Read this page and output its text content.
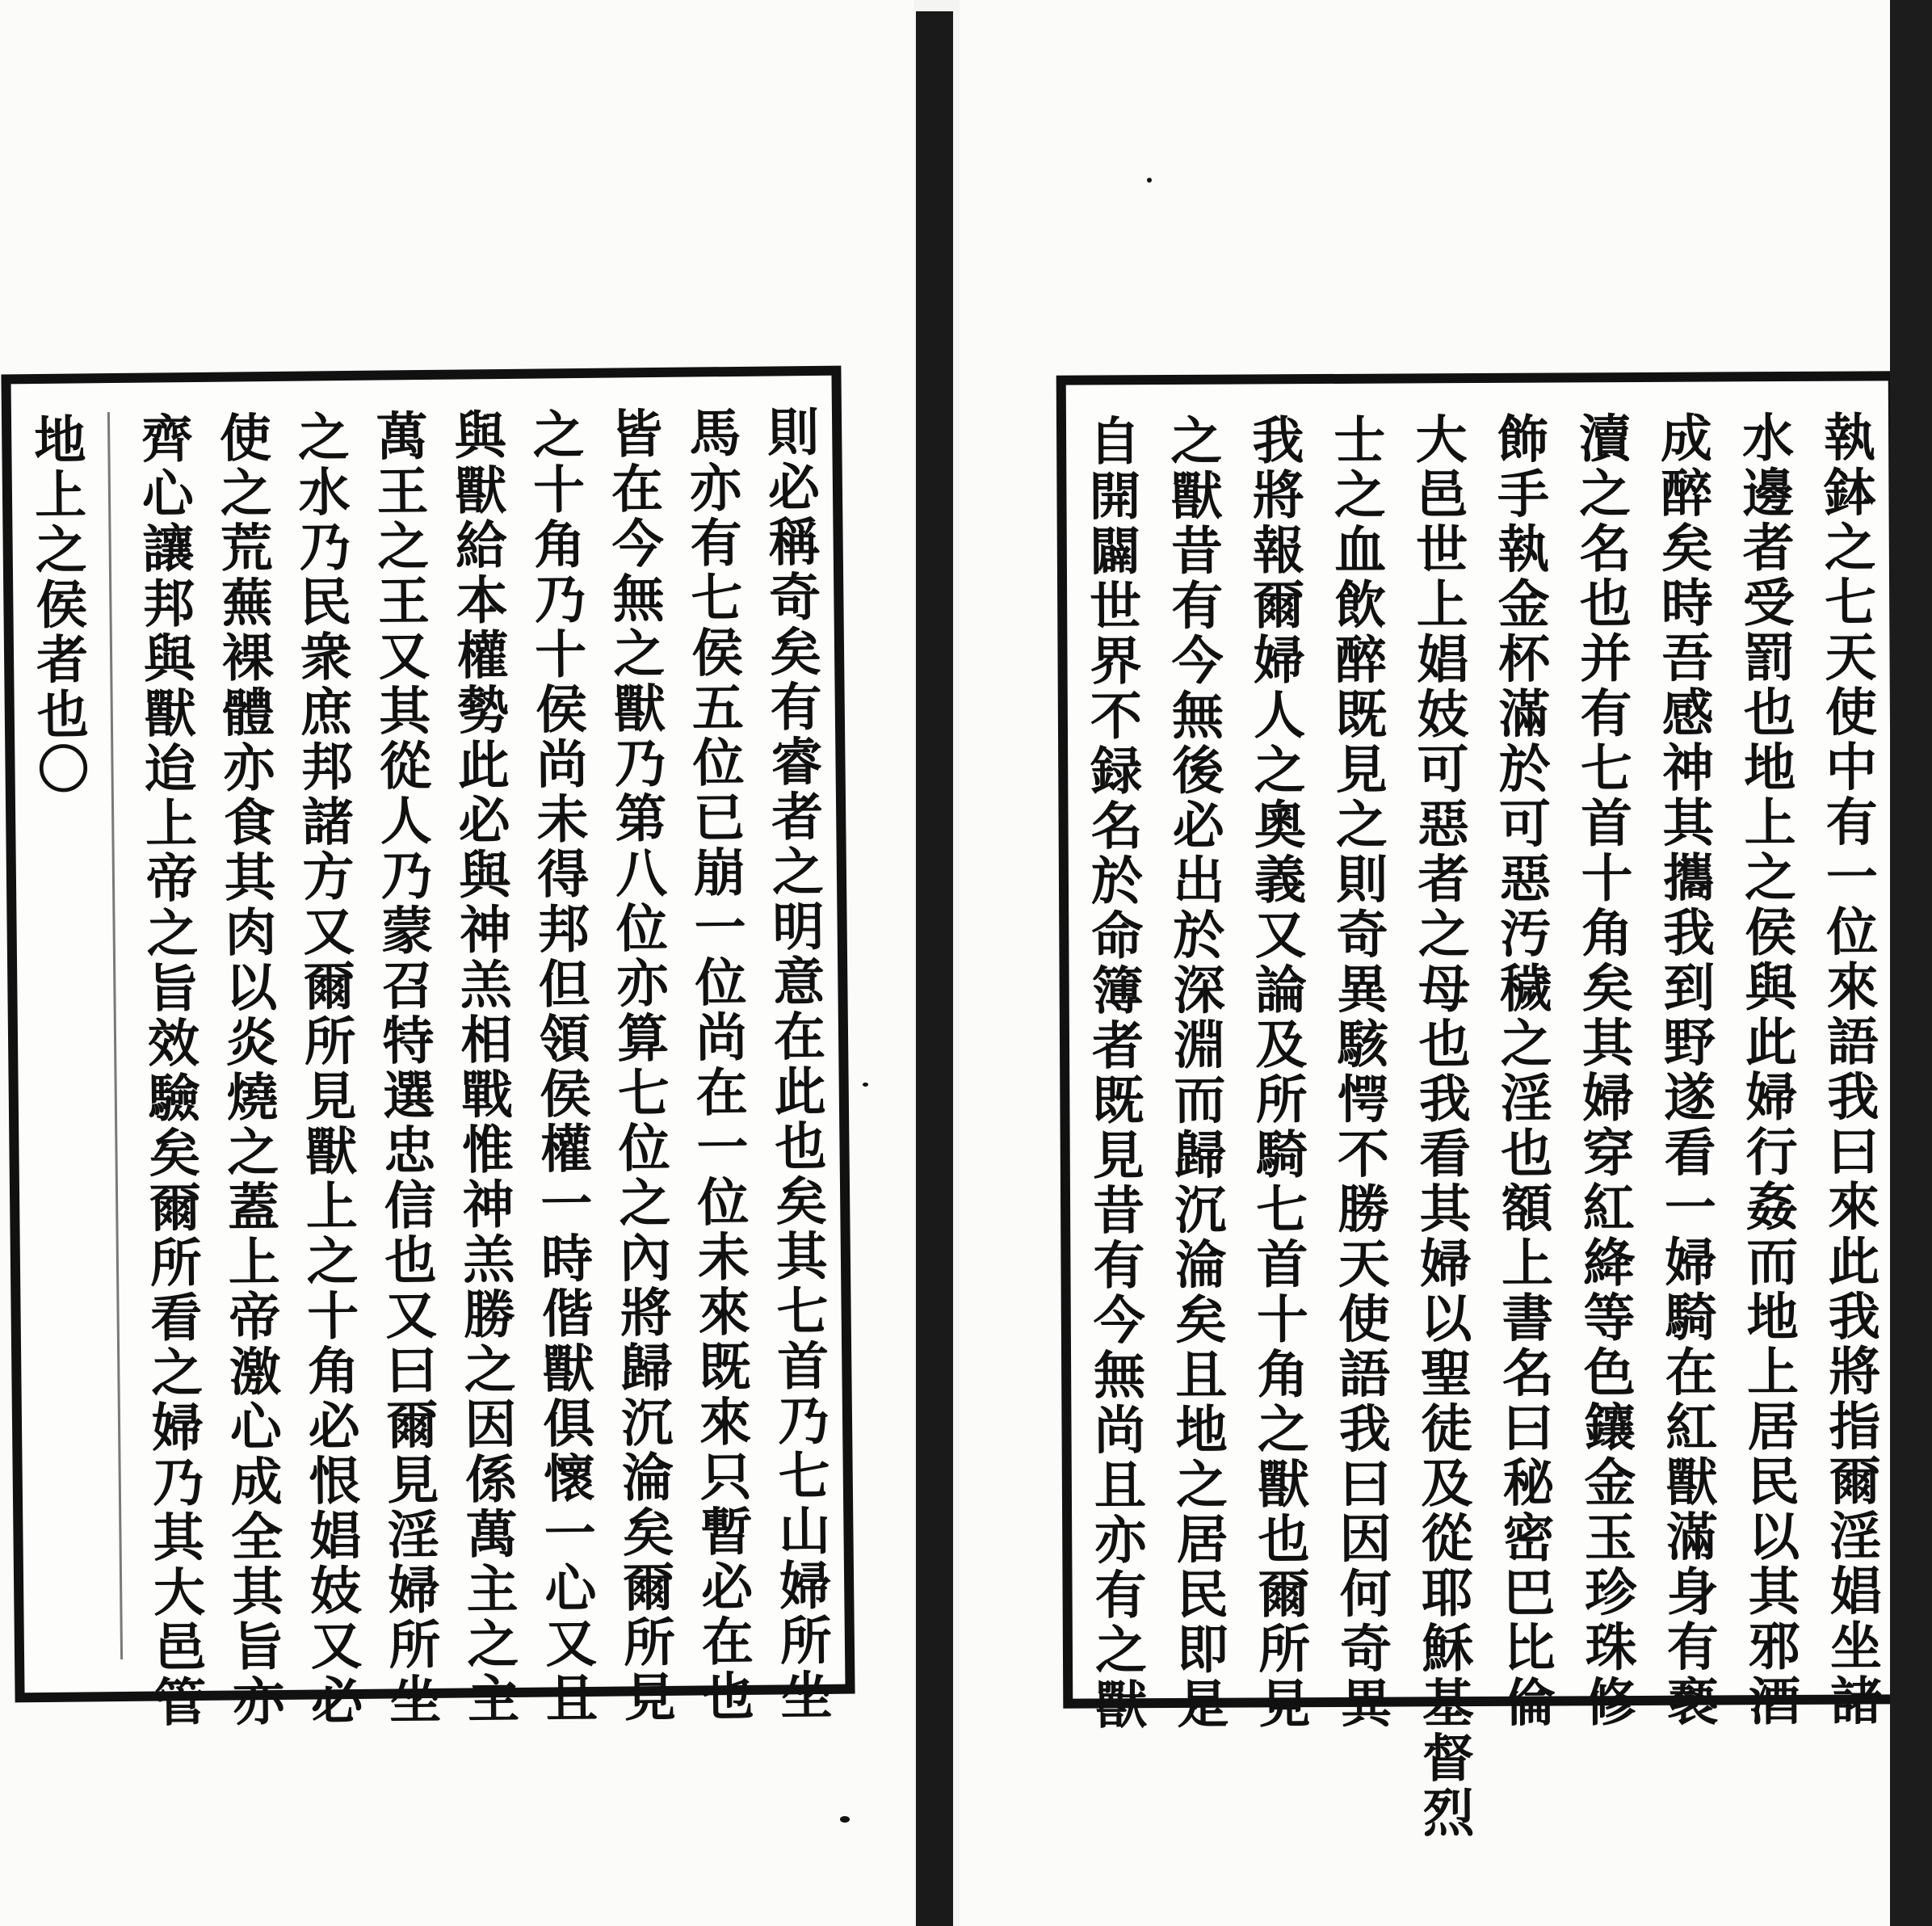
則必稱奇矣有睿者之明意在此也矣其七首乃七山婦所坐
馬亦有七侯五位已崩一位尚在一位未來既來只暫必在也
皆在今無之獸乃第八位亦算七位之內將歸沉淪矣爾所見
之十角乃十侯尚未得邦但領侯權一時偕獸俱懷一心又且
與獸給本權勢此必與神羔相戰惟神羔勝之因係萬主之主
萬王之王又其從人乃蒙召特選忠信也又曰爾見淫婦所坐
之水乃民衆庶邦諸方又爾所見獸上之十角必恨娼妓又必
使之荒蕪裸體亦食其肉以炎燒之蓋上帝激心成全其旨亦
齊心讓邦與獸迨上帝之旨效驗矣爾所看之婦乃其大邑管
地上之侯者也〇	執鉢之七天使中有一位來語我曰來此我將指爾淫娼坐諸
水邊者受罰也地上之侯與此婦行姦而地上居民以其邪酒
成醉矣時吾感神其攜我到野遂看一婦騎在紅獸滿身有褻
瀆之名也并有七首十角矣其婦穿紅絳等色鑲金玉珍珠修
飾手執金杯滿於可惡汚穢之淫也額上書名曰秘密巴比倫
大邑世上娼妓可惡者之母也我看其婦以聖徒及從耶穌基督烈
士之血飲醉既見之則奇異駭愕不勝天使語我曰因何奇異
我將報爾婦人之奧義又論及所騎七首十角之獸也爾所見
之獸昔有今無後必出於深淵而歸沉淪矣且地之居民即是
自開闢世界不録名於命簿者既見昔有今無尚且亦有之獸
